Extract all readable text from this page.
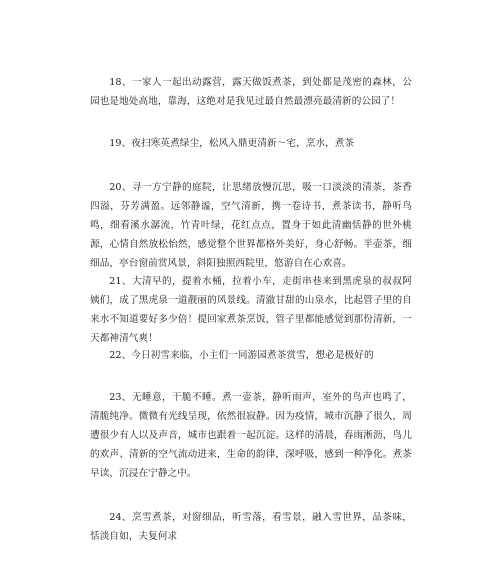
18、一家人一起出动露营，露天做饭煮茶，到处都是茂密的森林，公园也是地处高地，靠海，这绝对是我见过最自然最漂亮最清新的公园了！

19、夜扫寒英煮绿尘，松风入鼎更清新〜宅，烹水，煮茶

20、寻一方宁静的庭院，让思绪放慢沉思，吸一口淡淡的清茶，茶香四溢，芬芳满盈。远邻静谧，空气清新，携一卷诗书，煮茶读书，静听鸟鸣，细看溪水潺流，竹青叶绿，花红点点，置身于如此清幽恬静的世外桃源，心情自然放松怡然，感觉整个世界都格外美好，身心舒畅。半壶茶，细细品，亭台窗前赏风景，斜阳独照西院里，悠游自在心欢喜。

21、大清早的，提着水桶，拉着小车，走街串巷来到黑虎泉的叔叔阿姨们，成了黑虎泉一道靓丽的风景线。清澈甘甜的山泉水，比起管子里的自来水不知道要好多少倍！提回家煮茶烹饭，管子里都能感觉到那份清新，一天都神清气爽！

22、今日初雪来临，小主们一同游园煮茶赏雪，想必是极好的

23、无睡意，干脆不睡。煮一壶茶，静听雨声，室外的鸟声也鸣了，清脆纯净。微微有光线呈现，依然很寂静。因为疫情，城市沉静了很久，周遭很少有人以及声音，城市也跟着一起沉淀。这样的清晨，春雨淅沥，鸟儿的欢声、清新的空气流动进来，生命的韵律，深呼吸，感到一种净化。煮茶早读，沉浸在宁静之中。

24、烹雪煮茶，对窗细品，听雪落，看雪景，融入雪世界，品茶味，恬淡自如，夫复何求
